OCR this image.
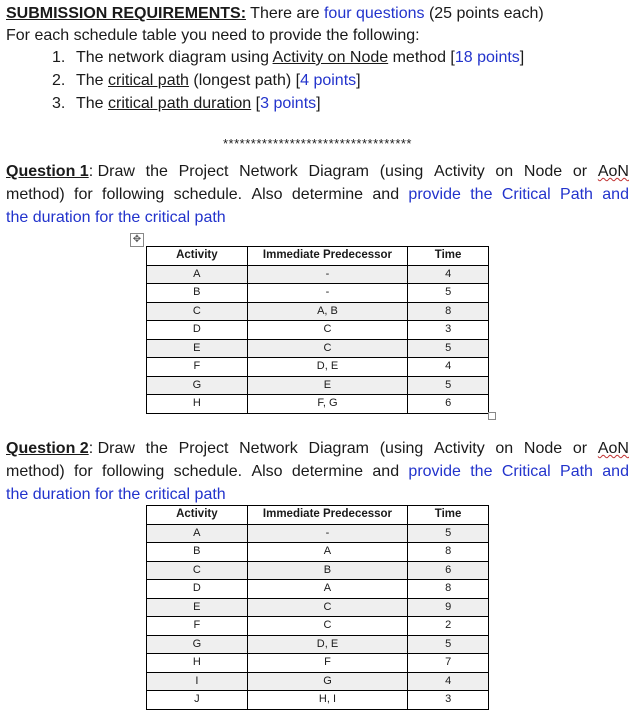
SUBMISSION REQUIREMENTS: There are four questions (25 points each)
For each schedule table you need to provide the following:
1. The network diagram using Activity on Node method [18 points]
2. The critical path (longest path) [4 points]
3. The critical path duration [3 points]
**********************************
Question 1: Draw the Project Network Diagram (using Activity on Node or AoN
method) for following schedule. Also determine and provide the Critical Path and
the duration for the critical path
✥
Activity	Immediate Predecessor	Time
A	-	4
B	-	5
C	A, B	8
D	C	3
E	C	5
F	D, E	4
G	E	5
H	F, G	6
Question 2: Draw the Project Network Diagram (using Activity on Node or AoN
method) for following schedule. Also determine and provide the Critical Path and
the duration for the critical path
Activity	Immediate Predecessor	Time
A	-	5
B	A	8
C	B	6
D	A	8
E	C	9
F	C	2
G	D, E	5
H	F	7
I	G	4
J	H, I	3
